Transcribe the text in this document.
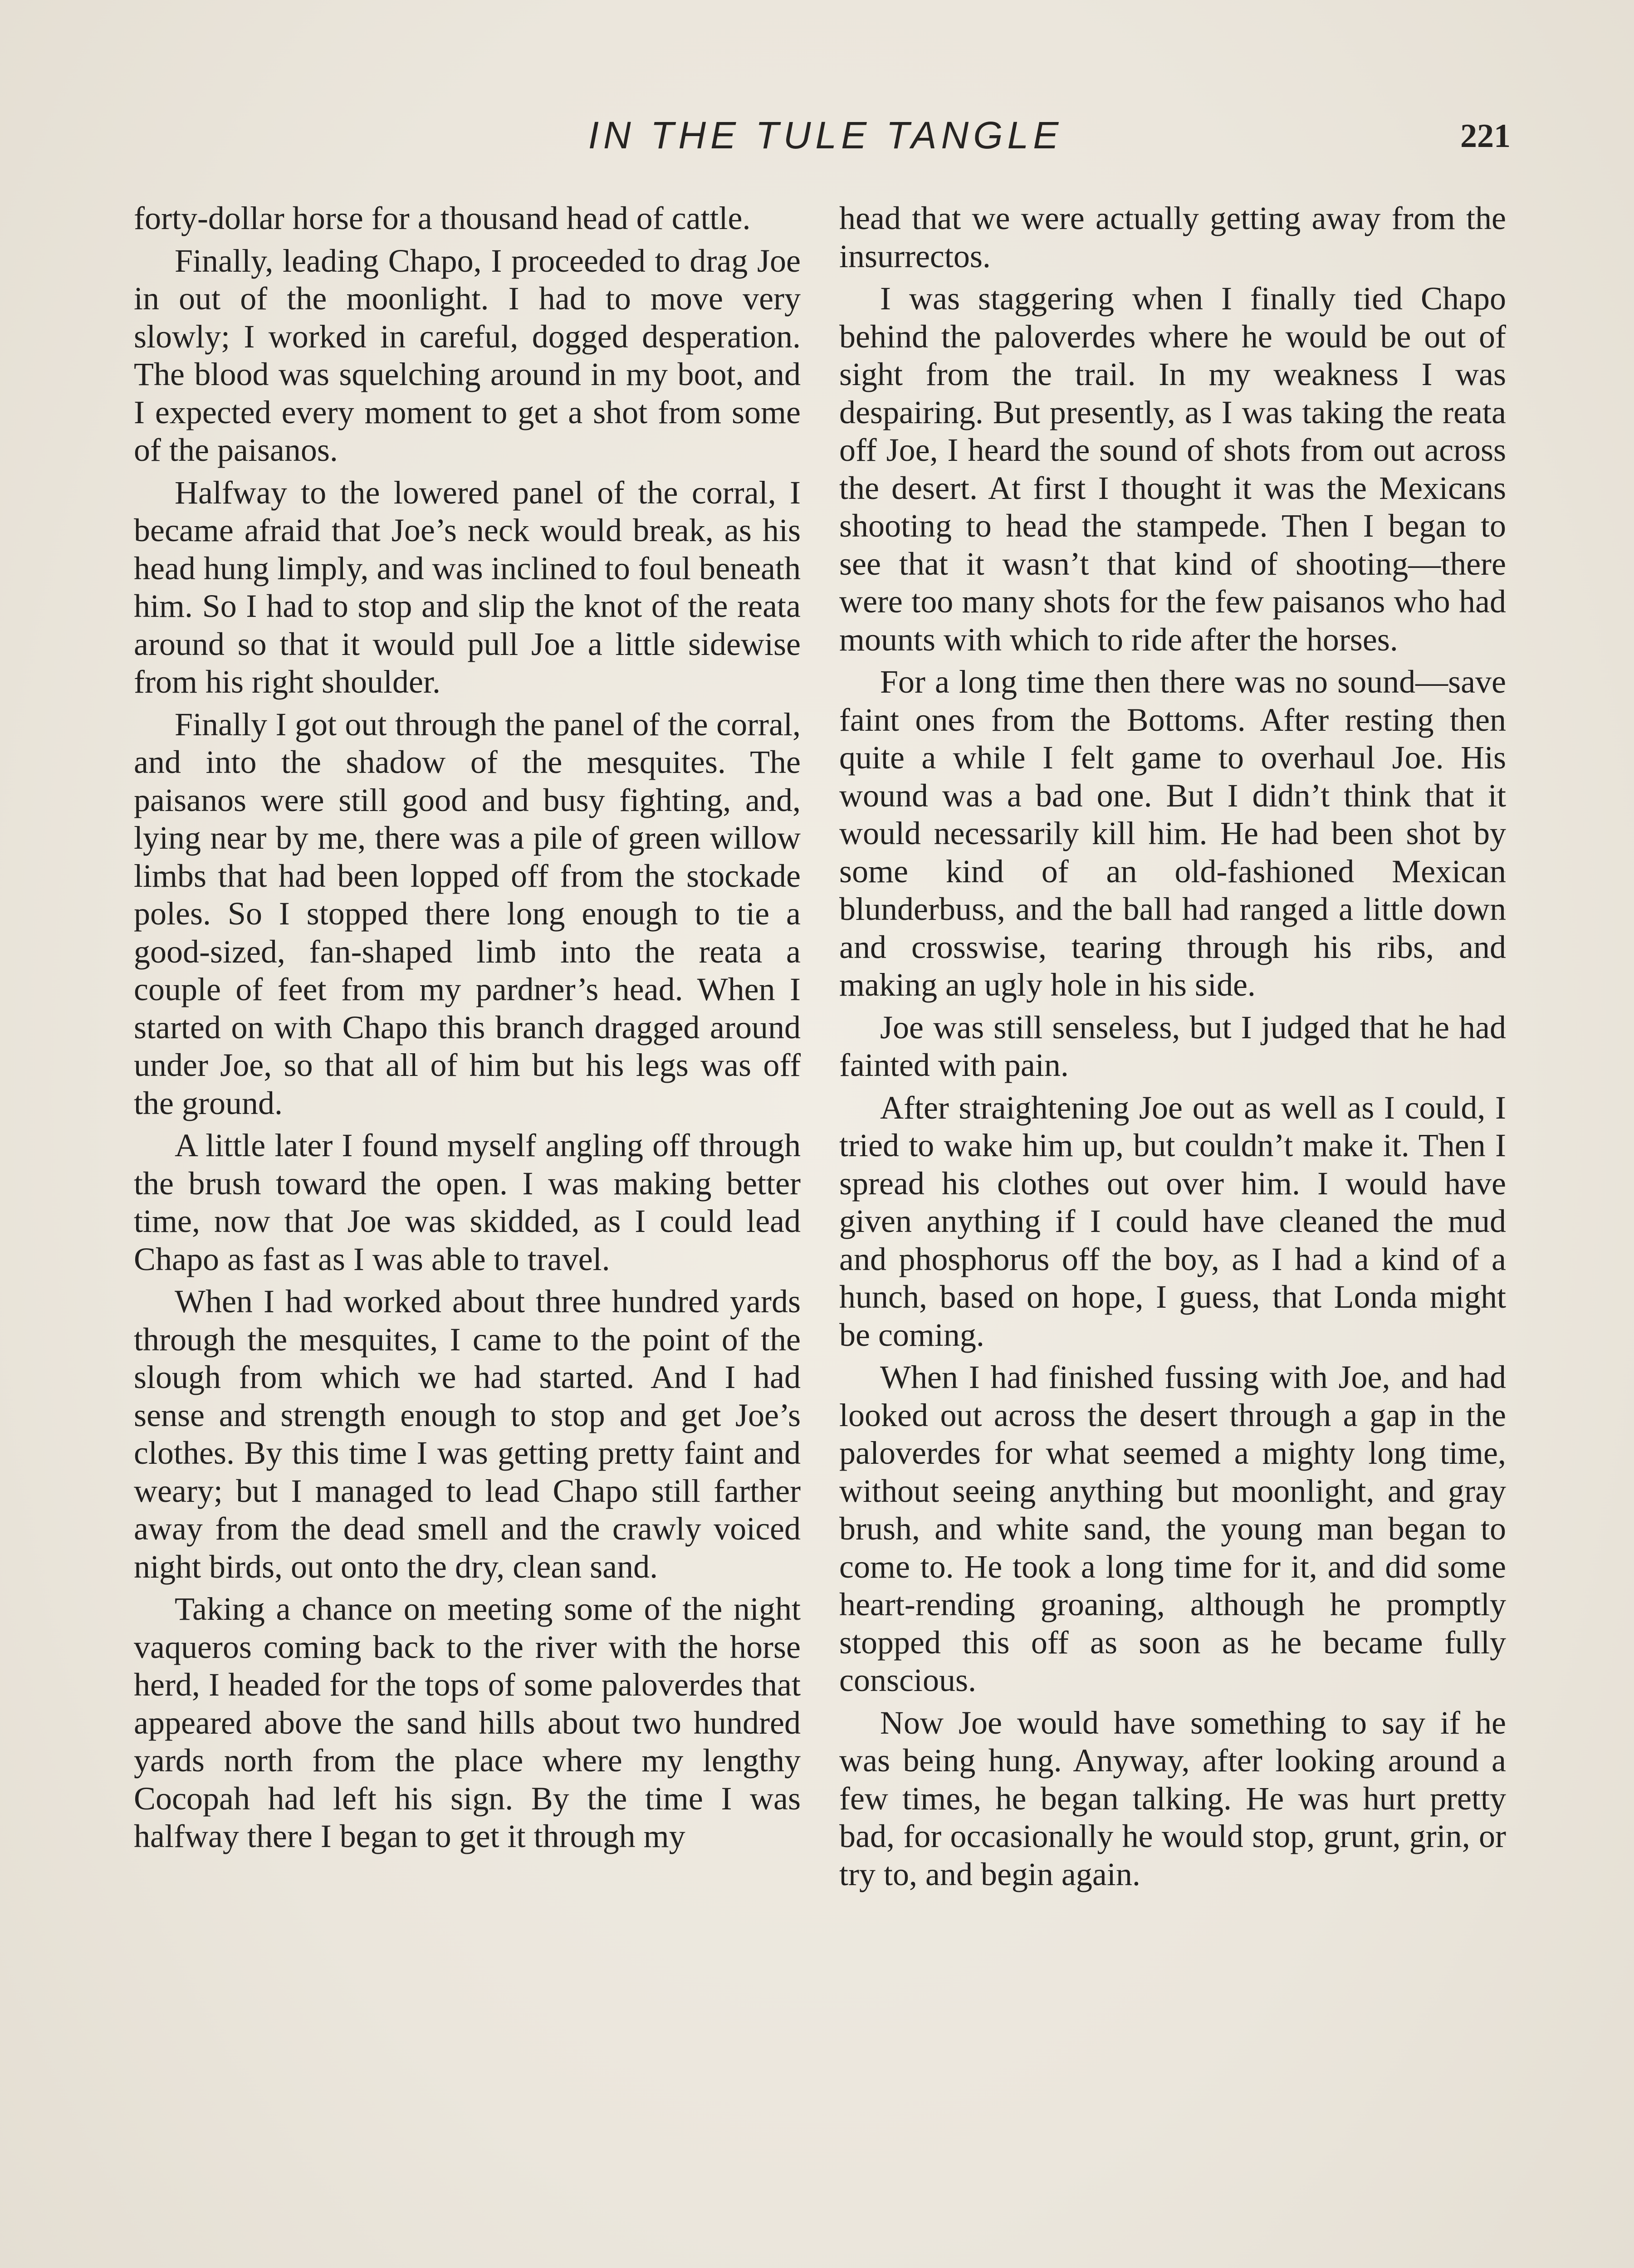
IN THE TULE TANGLE	221

forty-dollar horse for a thousand head of cattle.

Finally, leading Chapo, I proceeded to drag Joe in out of the moonlight. I had to move very slowly; I worked in careful, dogged desperation. The blood was squelching around in my boot, and I expected every moment to get a shot from some of the paisanos.

Halfway to the lowered panel of the corral, I became afraid that Joe’s neck would break, as his head hung limply, and was inclined to foul beneath him. So I had to stop and slip the knot of the reata around so that it would pull Joe a little sidewise from his right shoulder.

Finally I got out through the panel of the corral, and into the shadow of the mesquites. The paisanos were still good and busy fighting, and, lying near by me, there was a pile of green willow limbs that had been lopped off from the stockade poles. So I stopped there long enough to tie a good-sized, fan-shaped limb into the reata a couple of feet from my pardner’s head. When I started on with Chapo this branch dragged around under Joe, so that all of him but his legs was off the ground.

A little later I found myself angling off through the brush toward the open. I was making better time, now that Joe was skidded, as I could lead Chapo as fast as I was able to travel.

When I had worked about three hundred yards through the mesquites, I came to the point of the slough from which we had started. And I had sense and strength enough to stop and get Joe’s clothes. By this time I was getting pretty faint and weary; but I managed to lead Chapo still farther away from the dead smell and the crawly voiced night birds, out onto the dry, clean sand.

Taking a chance on meeting some of the night vaqueros coming back to the river with the horse herd, I headed for the tops of some paloverdes that appeared above the sand hills about two hundred yards north from the place where my lengthy Cocopah had left his sign. By the time I was halfway there I began to get it through my

head that we were actually getting away from the insurrectos.

I was staggering when I finally tied Chapo behind the paloverdes where he would be out of sight from the trail. In my weakness I was despairing. But presently, as I was taking the reata off Joe, I heard the sound of shots from out across the desert. At first I thought it was the Mexicans shooting to head the stampede. Then I began to see that it wasn’t that kind of shooting—there were too many shots for the few paisanos who had mounts with which to ride after the horses.

For a long time then there was no sound—save faint ones from the Bottoms. After resting then quite a while I felt game to overhaul Joe. His wound was a bad one. But I didn’t think that it would necessarily kill him. He had been shot by some kind of an old-fashioned Mexican blunderbuss, and the ball had ranged a little down and crosswise, tearing through his ribs, and making an ugly hole in his side.

Joe was still senseless, but I judged that he had fainted with pain.

After straightening Joe out as well as I could, I tried to wake him up, but couldn’t make it. Then I spread his clothes out over him. I would have given anything if I could have cleaned the mud and phosphorus off the boy, as I had a kind of a hunch, based on hope, I guess, that Londa might be coming.

When I had finished fussing with Joe, and had looked out across the desert through a gap in the paloverdes for what seemed a mighty long time, without seeing anything but moonlight, and gray brush, and white sand, the young man began to come to. He took a long time for it, and did some heart-rending groaning, although he promptly stopped this off as soon as he became fully conscious.

Now Joe would have something to say if he was being hung. Anyway, after looking around a few times, he began talking. He was hurt pretty bad, for occasionally he would stop, grunt, grin, or try to, and begin again.
